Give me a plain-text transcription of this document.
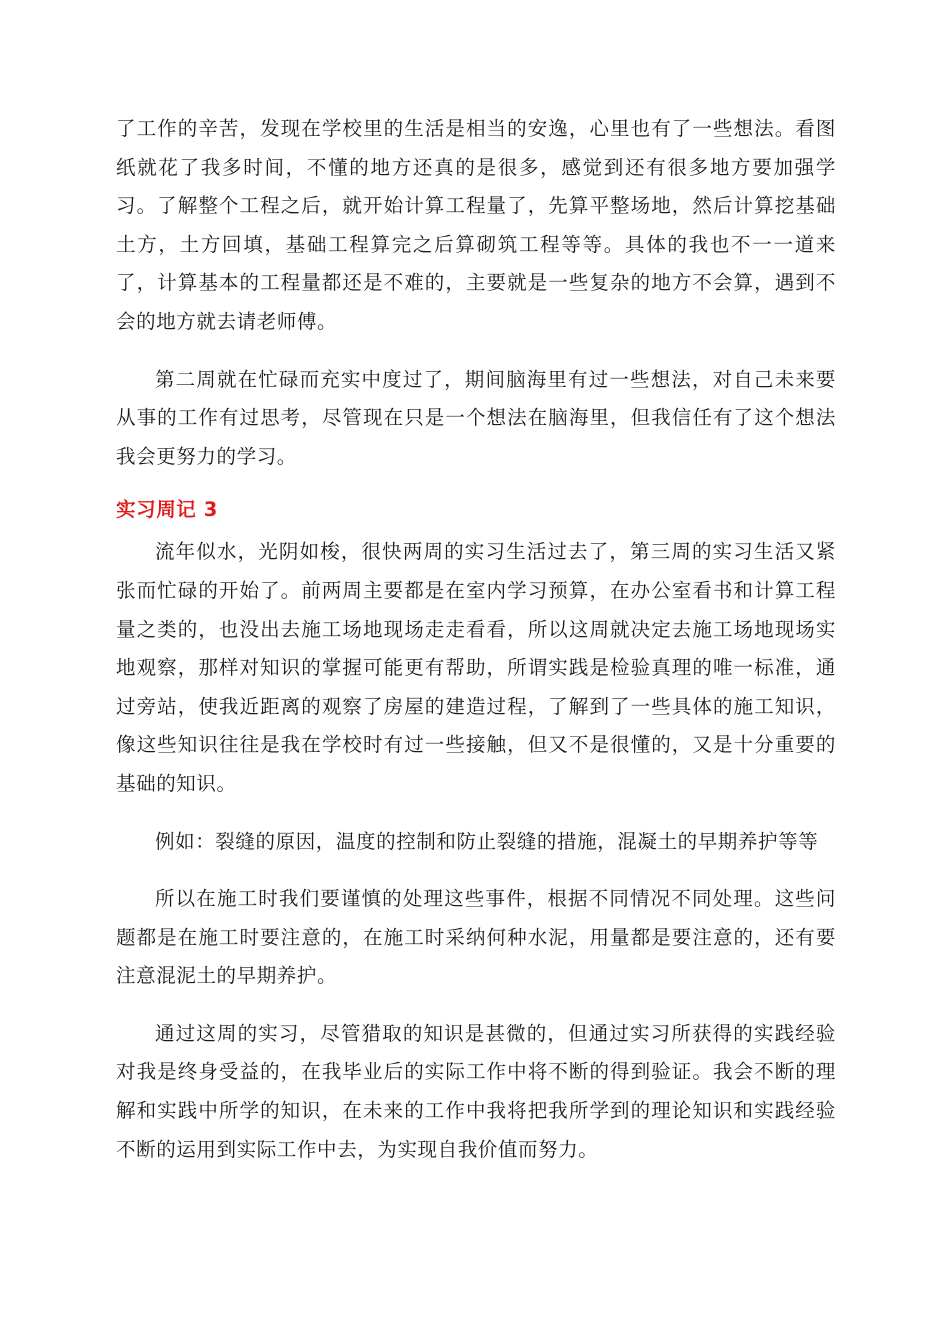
了工作的辛苦，发现在学校里的生活是相当的安逸，心里也有了一些想法。看图纸就花了我多时间，不懂的地方还真的是很多，感觉到还有很多地方要加强学习。了解整个工程之后，就开始计算工程量了，先算平整场地，然后计算挖基础土方，土方回填，基础工程算完之后算砌筑工程等等。具体的我也不一一道来了，计算基本的工程量都还是不难的，主要就是一些复杂的地方不会算，遇到不会的地方就去请老师傅。

第二周就在忙碌而充实中度过了，期间脑海里有过一些想法，对自己未来要从事的工作有过思考，尽管现在只是一个想法在脑海里，但我信任有了这个想法我会更努力的学习。

实习周记 3

流年似水，光阴如梭，很快两周的实习生活过去了，第三周的实习生活又紧张而忙碌的开始了。前两周主要都是在室内学习预算，在办公室看书和计算工程量之类的，也没出去施工场地现场走走看看，所以这周就决定去施工场地现场实地观察，那样对知识的掌握可能更有帮助，所谓实践是检验真理的唯一标准，通过旁站，使我近距离的观察了房屋的建造过程，了解到了一些具体的施工知识，像这些知识往往是我在学校时有过一些接触，但又不是很懂的，又是十分重要的基础的知识。

例如：裂缝的原因，温度的控制和防止裂缝的措施，混凝土的早期养护等等

所以在施工时我们要谨慎的处理这些事件，根据不同情况不同处理。这些问题都是在施工时要注意的，在施工时采纳何种水泥，用量都是要注意的，还有要注意混泥土的早期养护。

通过这周的实习，尽管猎取的知识是甚微的，但通过实习所获得的实践经验对我是终身受益的，在我毕业后的实际工作中将不断的得到验证。我会不断的理解和实践中所学的知识，在未来的工作中我将把我所学到的理论知识和实践经验不断的运用到实际工作中去，为实现自我价值而努力。
